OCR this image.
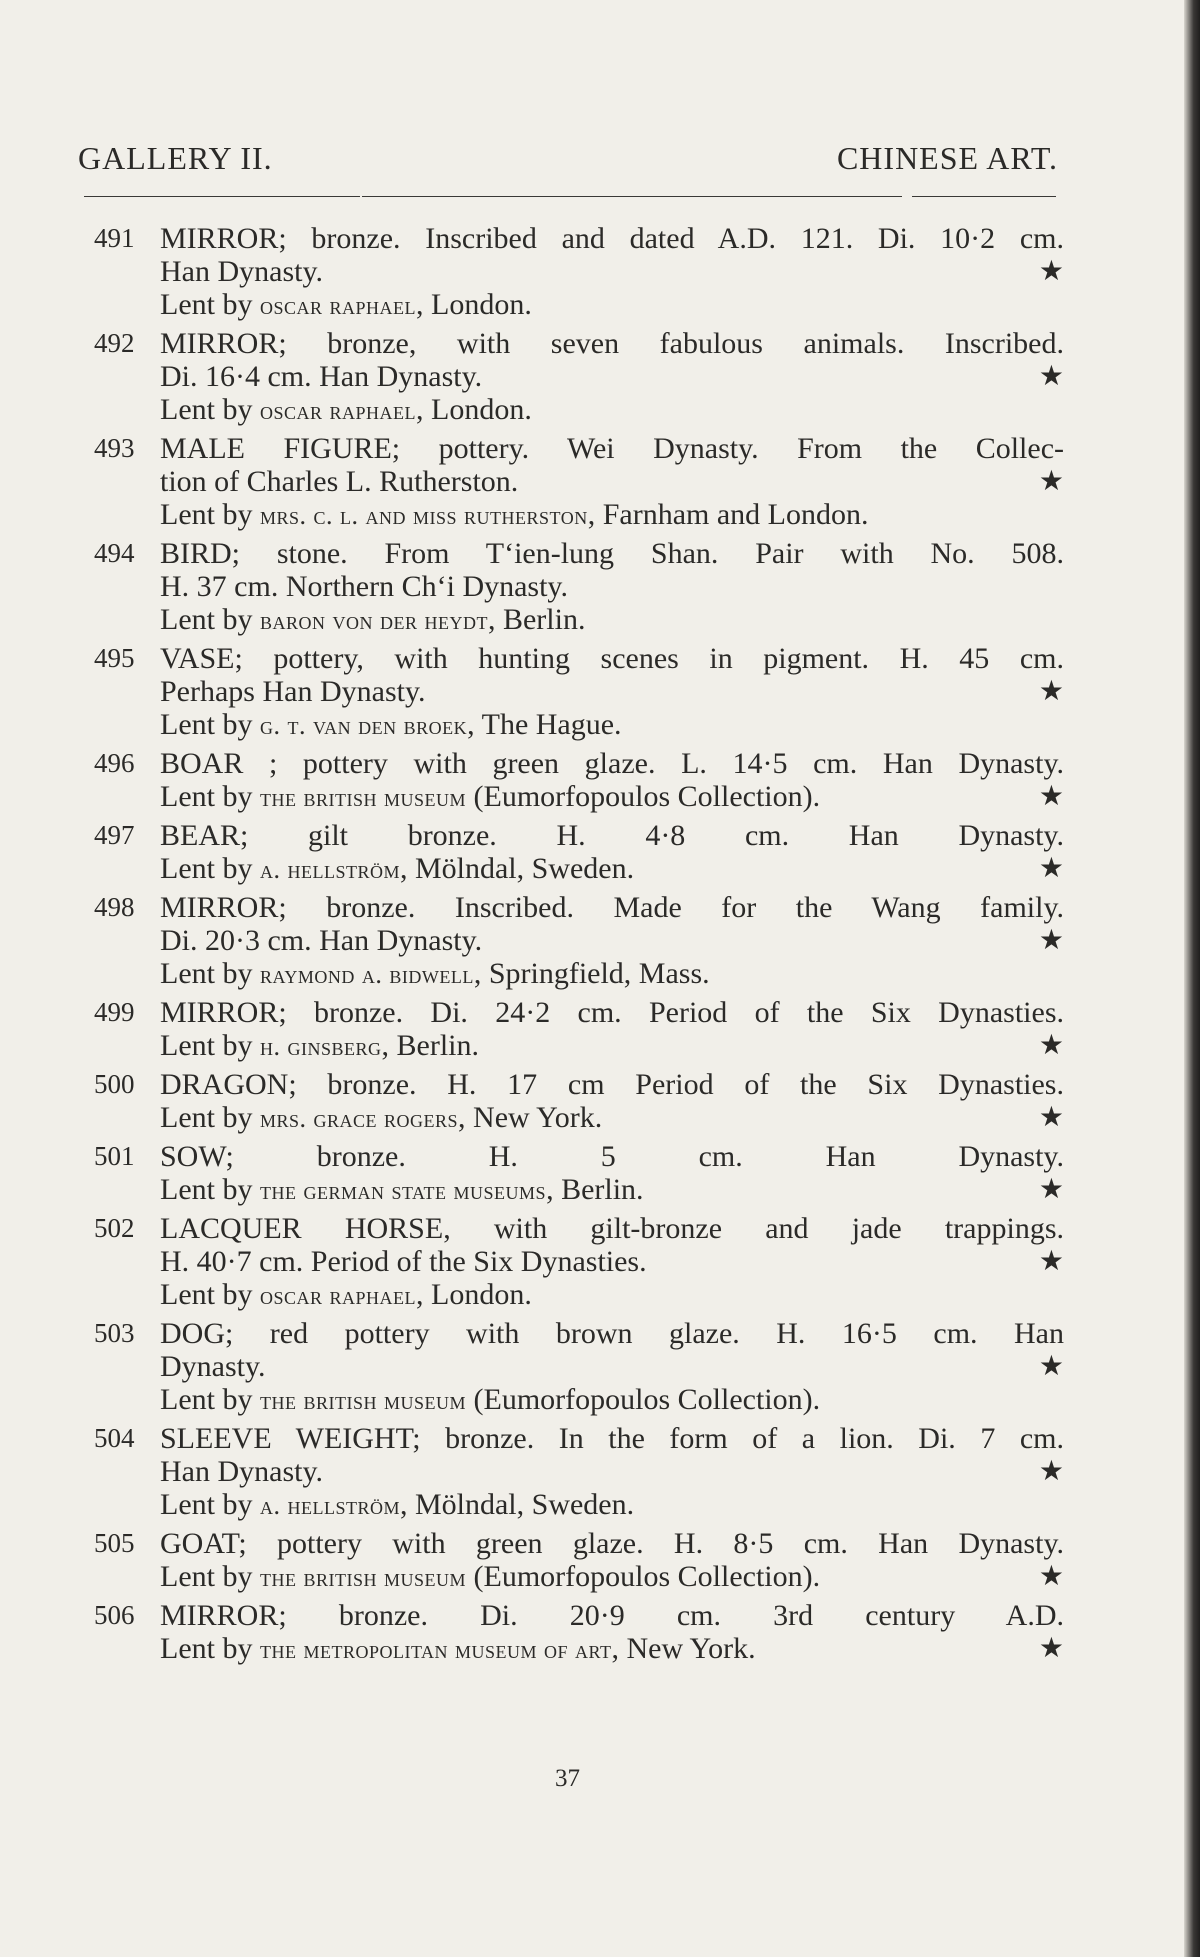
GALLERY II.	CHINESE ART.
491 MIRROR; bronze. Inscribed and dated A.D. 121. Di. 10·2 cm.
Han Dynasty.	★
Lent by oscar raphael, London.
492 MIRROR; bronze, with seven fabulous animals. Inscribed.
Di. 16·4 cm. Han Dynasty.	★
Lent by oscar raphael, London.
493 MALE FIGURE; pottery. Wei Dynasty. From the Collec-
tion of Charles L. Rutherston.	★
Lent by mrs. c. l. and miss rutherston, Farnham and London.
494 BIRD; stone. From T‘ien-lung Shan. Pair with No. 508.
H. 37 cm. Northern Ch‘i Dynasty.
Lent by baron von der heydt, Berlin.
495 VASE; pottery, with hunting scenes in pigment. H. 45 cm.
Perhaps Han Dynasty.	★
Lent by g. t. van den broek, The Hague.
496 BOAR ; pottery with green glaze. L. 14·5 cm. Han Dynasty.
Lent by the british museum (Eumorfopoulos Collection).	★
497 BEAR; gilt bronze. H. 4·8 cm. Han Dynasty.
Lent by a. hellström, Mölndal, Sweden.	★
498 MIRROR; bronze. Inscribed. Made for the Wang family.
Di. 20·3 cm. Han Dynasty.	★
Lent by raymond a. bidwell, Springfield, Mass.
499 MIRROR; bronze. Di. 24·2 cm. Period of the Six Dynasties.
Lent by h. ginsberg, Berlin.	★
500 DRAGON; bronze. H. 17 cm Period of the Six Dynasties.
Lent by mrs. grace rogers, New York.	★
501 SOW; bronze. H. 5 cm. Han Dynasty.
Lent by the german state museums, Berlin.	★
502 LACQUER HORSE, with gilt-bronze and jade trappings.
H. 40·7 cm. Period of the Six Dynasties.	★
Lent by oscar raphael, London.
503 DOG; red pottery with brown glaze. H. 16·5 cm. Han
Dynasty.	★
Lent by the british museum (Eumorfopoulos Collection).
504 SLEEVE WEIGHT; bronze. In the form of a lion. Di. 7 cm.
Han Dynasty.	★
Lent by a. hellström, Mölndal, Sweden.
505 GOAT; pottery with green glaze. H. 8·5 cm. Han Dynasty.
Lent by the british museum (Eumorfopoulos Collection).	★
506 MIRROR; bronze. Di. 20·9 cm. 3rd century A.D.
Lent by the metropolitan museum of art, New York.	★
37
